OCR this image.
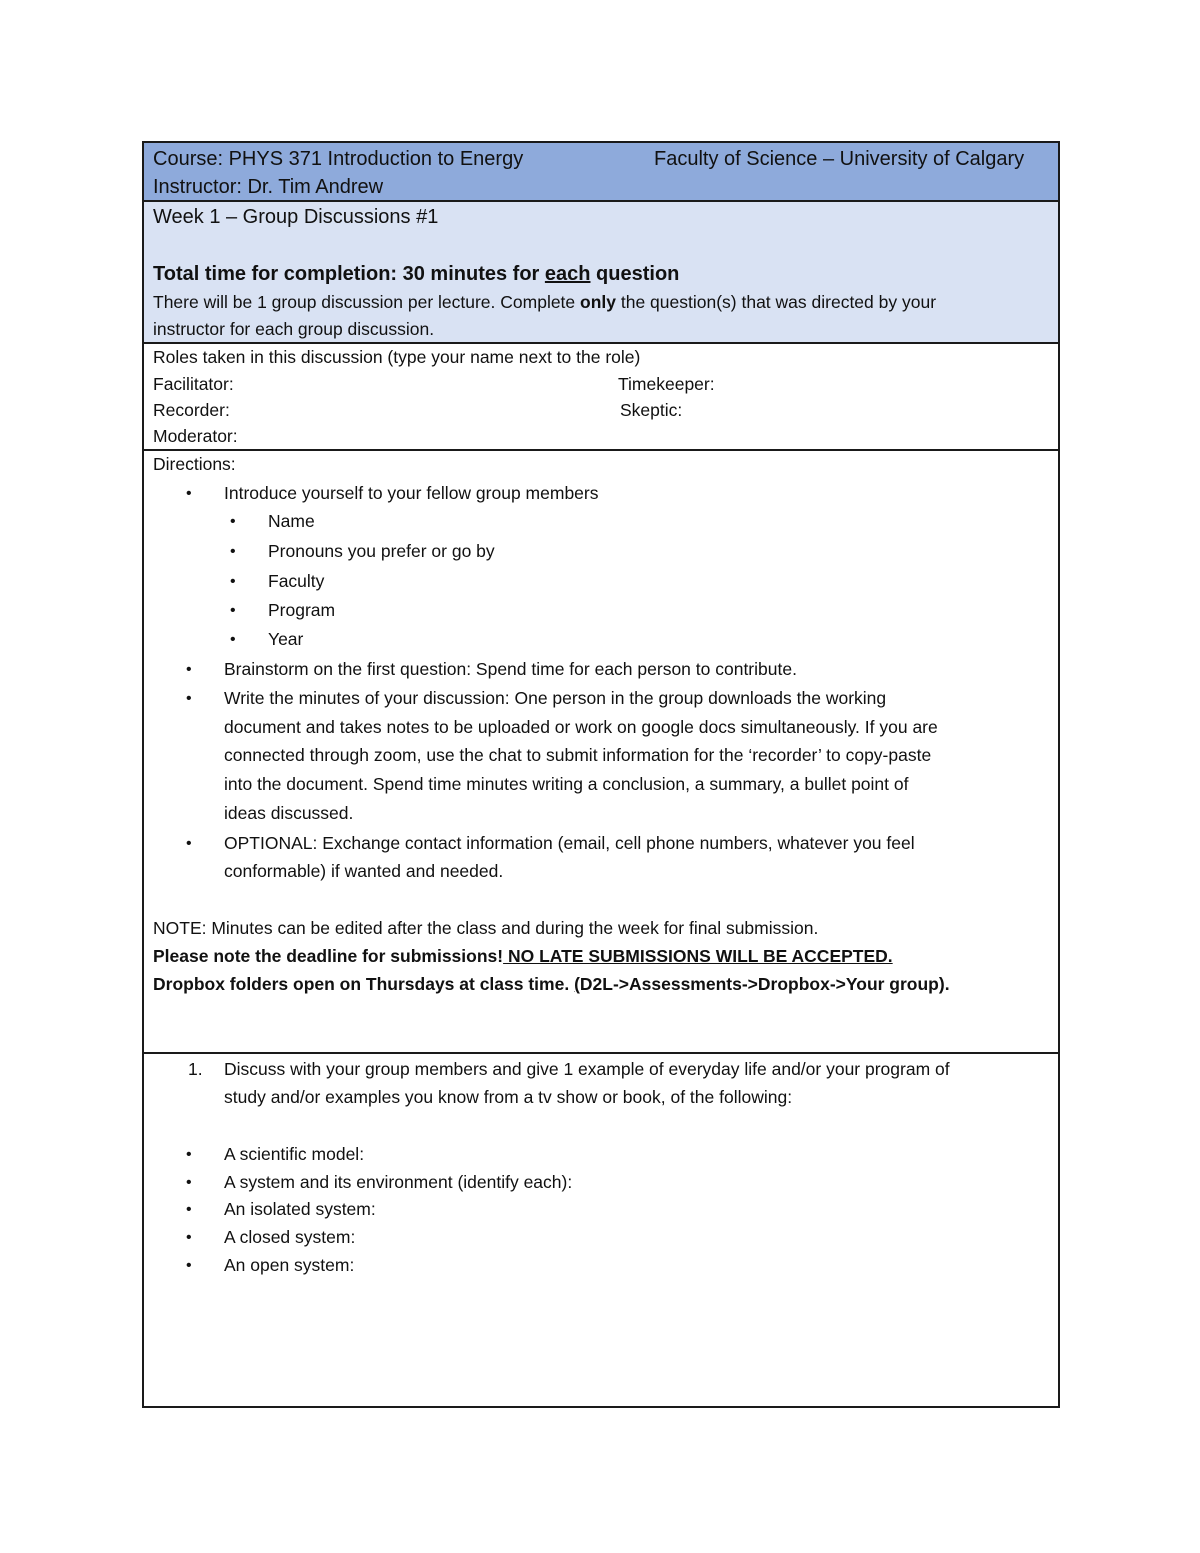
Course: PHYS 371 Introduction to Energy	Faculty of Science – University of Calgary
Instructor: Dr. Tim Andrew
Week 1 – Group Discussions #1
Total time for completion: 30 minutes for each question
There will be 1 group discussion per lecture. Complete only the question(s) that was directed by your
instructor for each group discussion.
Roles taken in this discussion (type your name next to the role)
Facilitator:	Timekeeper:
Recorder:	Skeptic:
Moderator:
Directions:
• Introduce yourself to your fellow group members
• Name
• Pronouns you prefer or go by
• Faculty
• Program
• Year
• Brainstorm on the first question: Spend time for each person to contribute.
• Write the minutes of your discussion: One person in the group downloads the working
document and takes notes to be uploaded or work on google docs simultaneously. If you are
connected through zoom, use the chat to submit information for the ‘recorder’ to copy-paste
into the document. Spend time minutes writing a conclusion, a summary, a bullet point of
ideas discussed.
• OPTIONAL: Exchange contact information (email, cell phone numbers, whatever you feel
conformable) if wanted and needed.
NOTE: Minutes can be edited after the class and during the week for final submission.
Please note the deadline for submissions! NO LATE SUBMISSIONS WILL BE ACCEPTED.
Dropbox folders open on Thursdays at class time. (D2L->Assessments->Dropbox->Your group).
1. Discuss with your group members and give 1 example of everyday life and/or your program of
study and/or examples you know from a tv show or book, of the following:
• A scientific model:
• A system and its environment (identify each):
• An isolated system:
• A closed system:
• An open system:
